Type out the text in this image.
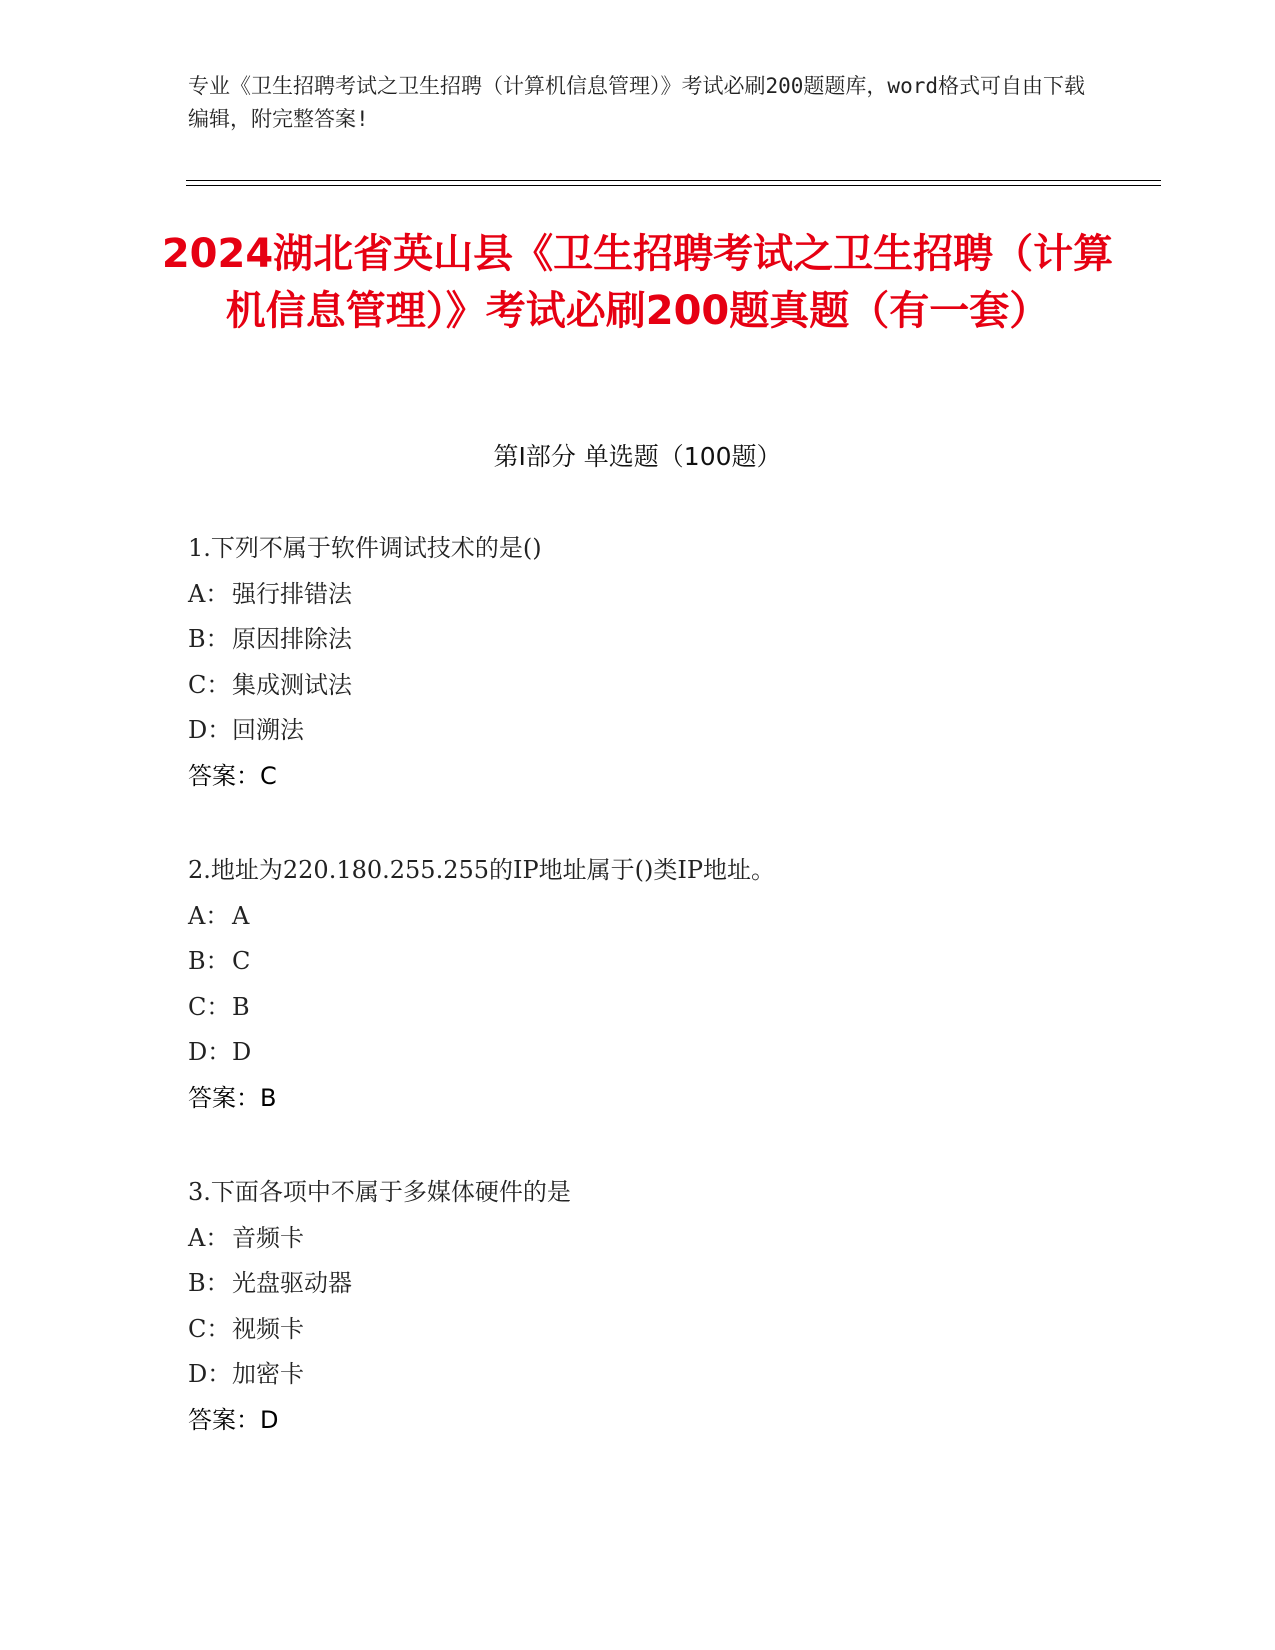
专业《卫生招聘考试之卫生招聘（计算机信息管理）》考试必刷200题题库，word格式可自由下载编辑，附完整答案!
2024湖北省英山县《卫生招聘考试之卫生招聘（计算机信息管理）》考试必刷200题真题（有一套）
第Ⅰ部分 单选题（100题）
1.下列不属于软件调试技术的是()
A： 强行排错法
B：原因排除法
C：集成测试法
D：回溯法
答案：C
2.地址为220.180.255.255的IP地址属于()类IP地址。
A： A
B：C
C：B
D：D
答案：B
3.下面各项中不属于多媒体硬件的是
A： 音频卡
B：光盘驱动器
C：视频卡
D：加密卡
答案：D
